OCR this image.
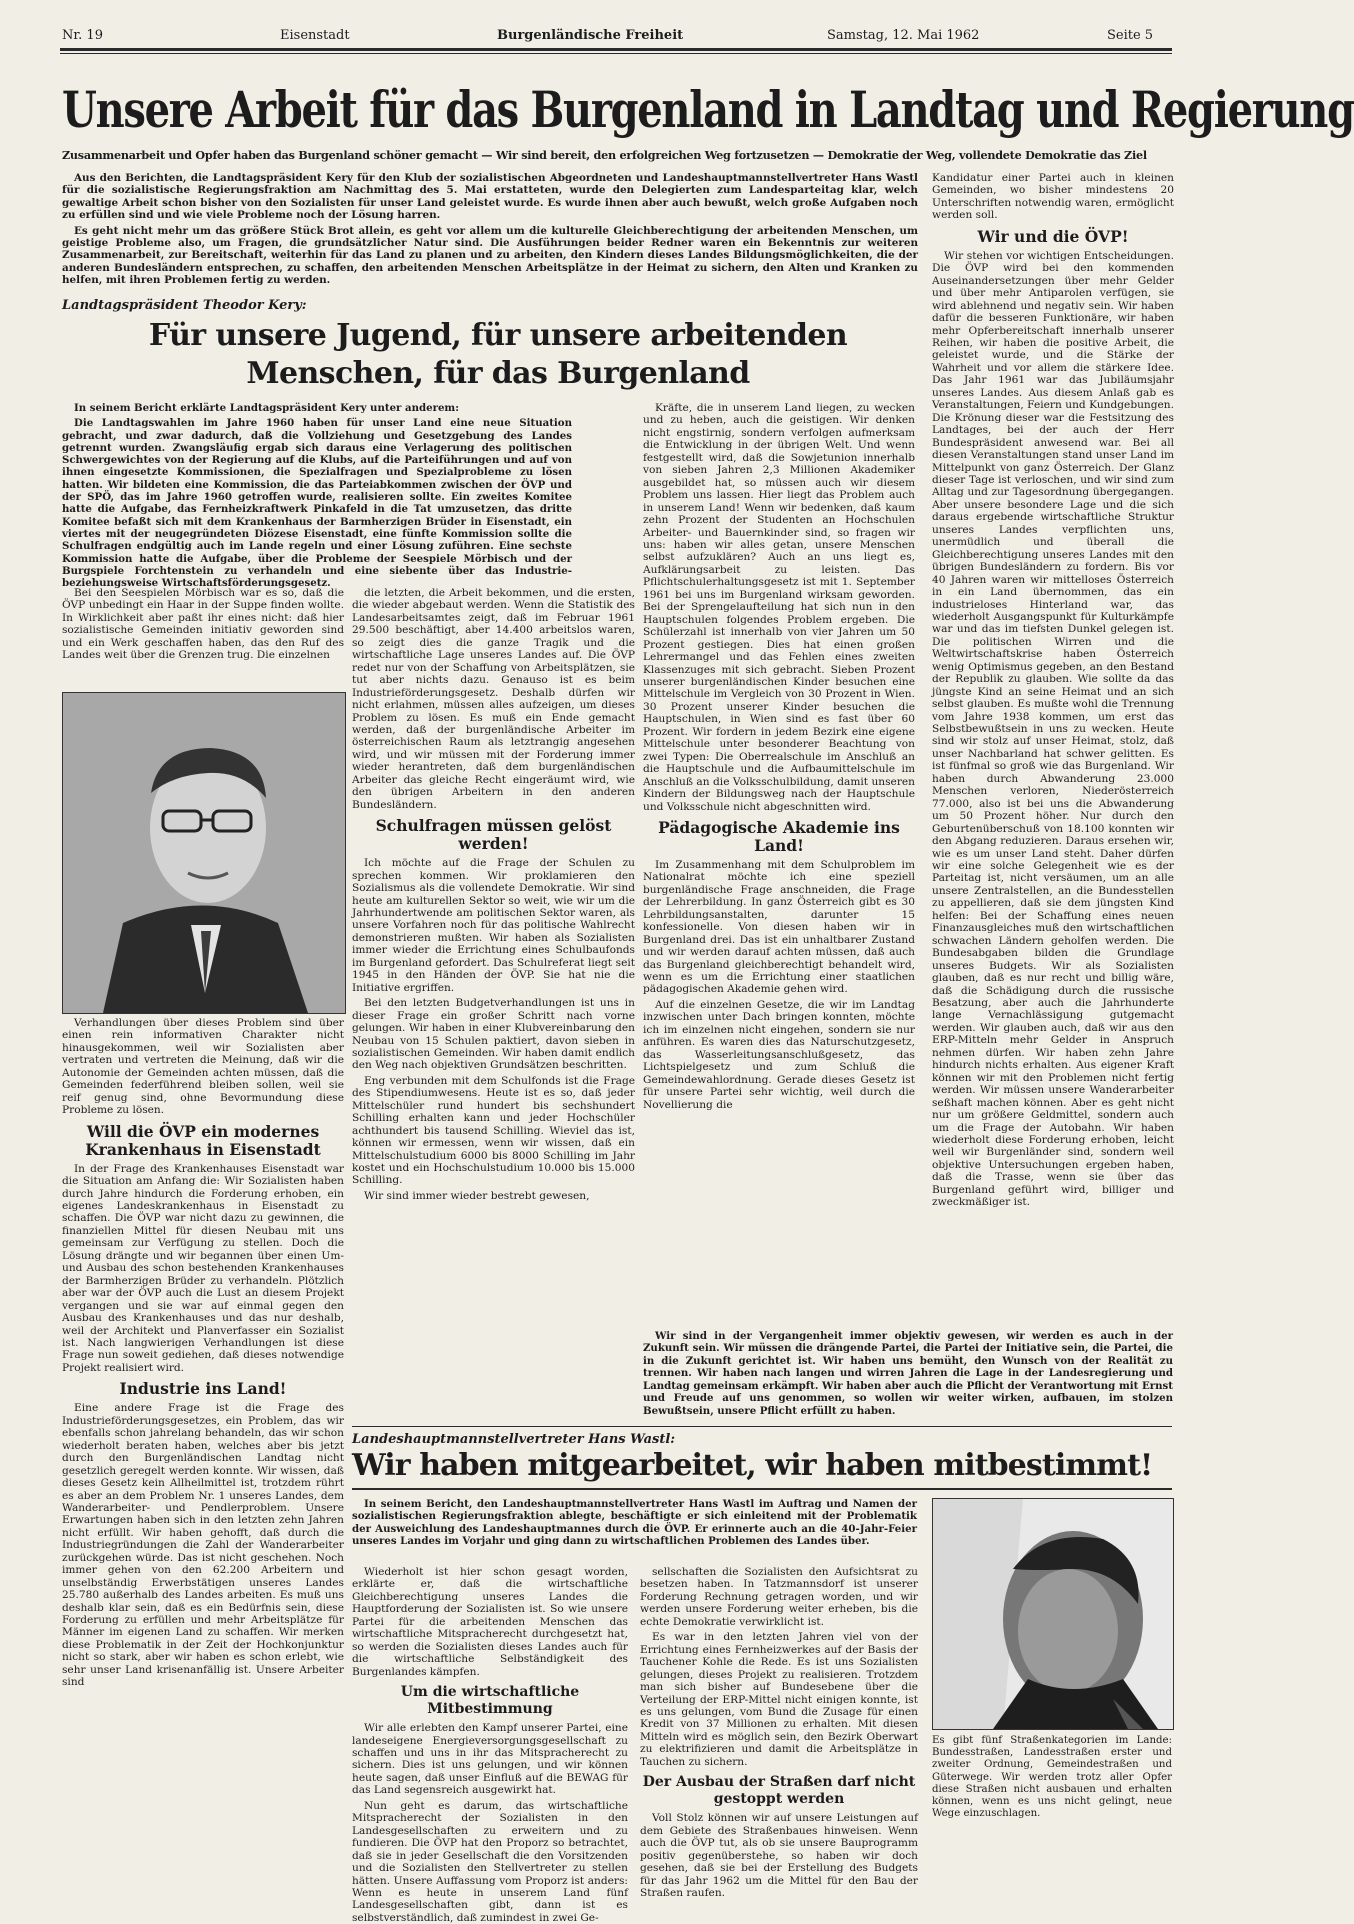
Nr. 19	Eisenstadt	Burgenländische Freiheit	Samstag, 12. Mai 1962	Seite 5
Unsere Arbeit für das Burgenland in Landtag und Regierung
Zusammenarbeit und Opfer haben das Burgenland schöner gemacht — Wir sind bereit, den erfolgreichen Weg fortzusetzen — Demokratie der Weg, vollendete Demokratie das Ziel

Aus den Berichten, die Landtagspräsident Kery für den Klub der sozialistischen Abgeordneten und Landeshauptmannstellvertreter Hans Wastl für die sozialistische Regierungsfraktion am Nachmittag des 5. Mai erstatteten, wurde den Delegierten zum Landesparteitag klar, welch gewaltige Arbeit schon bisher von den Sozialisten für unser Land geleistet wurde. Es wurde ihnen aber auch bewußt, welch große Aufgaben noch zu erfüllen sind und wie viele Probleme noch der Lösung harren.

Es geht nicht mehr um das größere Stück Brot allein, es geht vor allem um die kulturelle Gleichberechtigung der arbeitenden Menschen, um geistige Probleme also, um Fragen, die grundsätzlicher Natur sind. Die Ausführungen beider Redner waren ein Bekenntnis zur weiteren Zusammenarbeit, zur Bereitschaft, weiterhin für das Land zu planen und zu arbeiten, den Kindern dieses Landes Bildungsmöglichkeiten, die der anderen Bundesländern entsprechen, zu schaffen, den arbeitenden Menschen Arbeitsplätze in der Heimat zu sichern, den Alten und Kranken zu helfen, mit ihren Problemen fertig zu werden.

Landtagspräsident Theodor Kery:
Für unsere Jugend, für unsere arbeitenden
Menschen, für das Burgenland

In seinem Bericht erklärte Landtagspräsident Kery unter anderem:

Die Landtagswahlen im Jahre 1960 haben für unser Land eine neue Situation gebracht, und zwar dadurch, daß die Vollziehung und Gesetzgebung des Landes getrennt wurden. Zwangsläufig ergab sich daraus eine Verlagerung des politischen Schwergewichtes von der Regierung auf die Klubs, auf die Parteiführungen und auf von ihnen eingesetzte Kommissionen, die Spezialfragen und Spezialprobleme zu lösen hatten. Wir bildeten eine Kommission, die das Parteiabkommen zwischen der ÖVP und der SPÖ, das im Jahre 1960 getroffen wurde, realisieren sollte. Ein zweites Komitee hatte die Aufgabe, das Fernheizkraftwerk Pinkafeld in die Tat umzusetzen, das dritte Komitee befaßt sich mit dem Krankenhaus der Barmherzigen Brüder in Eisenstadt, ein viertes mit der neugegründeten Diözese Eisenstadt, eine fünfte Kommission sollte die Schulfragen endgültig auch im Lande regeln und einer Lösung zuführen. Eine sechste Kommission hatte die Aufgabe, über die Probleme der Seespiele Mörbisch und der Burgspiele Forchtenstein zu verhandeln und eine siebente über das Industrie- beziehungsweise Wirtschaftsförderungsgesetz.

Bei den Seespielen Mörbisch war es so, daß die ÖVP unbedingt ein Haar in der Suppe finden wollte. In Wirklichkeit aber paßt ihr eines nicht: daß hier sozialistische Gemeinden initiativ geworden sind und ein Werk geschaffen haben, das den Ruf des Landes weit über die Grenzen trug. Die einzelnen

Verhandlungen über dieses Problem sind über einen rein informativen Charakter nicht hinausgekommen, weil wir Sozialisten aber vertraten und vertreten die Meinung, daß wir die Autonomie der Gemeinden achten müssen, daß die Gemeinden federführend bleiben sollen, weil sie reif genug sind, ohne Bevormundung diese Probleme zu lösen.

Will die ÖVP ein modernes Krankenhaus in Eisenstadt

In der Frage des Krankenhauses Eisenstadt war die Situation am Anfang die: Wir Sozialisten haben durch Jahre hindurch die Forderung erhoben, ein eigenes Landeskrankenhaus in Eisenstadt zu schaffen. Die ÖVP war nicht dazu zu gewinnen, die finanziellen Mittel für diesen Neubau mit uns gemeinsam zur Verfügung zu stellen. Doch die Lösung drängte und wir begannen über einen Um- und Ausbau des schon bestehenden Krankenhauses der Barmherzigen Brüder zu verhandeln. Plötzlich aber war der ÖVP auch die Lust an diesem Projekt vergangen und sie war auf einmal gegen den Ausbau des Krankenhauses und das nur deshalb, weil der Architekt und Planverfasser ein Sozialist ist. Nach langwierigen Verhandlungen ist diese Frage nun soweit gediehen, daß dieses notwendige Projekt realisiert wird.

Industrie ins Land!

Eine andere Frage ist die Frage des Industrieförderungsgesetzes, ein Problem, das wir ebenfalls schon jahrelang behandeln, das wir schon wiederholt beraten haben, welches aber bis jetzt durch den Burgenländischen Landtag nicht gesetzlich geregelt werden konnte. Wir wissen, daß dieses Gesetz kein Allheilmittel ist, trotzdem rührt es aber an dem Problem Nr. 1 unseres Landes, dem Wanderarbeiter- und Pendlerproblem. Unsere Erwartungen haben sich in den letzten zehn Jahren nicht erfüllt. Wir haben gehofft, daß durch die Industriegründungen die Zahl der Wanderarbeiter zurückgehen würde. Das ist nicht geschehen. Noch immer gehen von den 62.200 Arbeitern und unselbständig Erwerbstätigen unseres Landes 25.780 außerhalb des Landes arbeiten. Es muß uns deshalb klar sein, daß es ein Bedürfnis sein, diese Forderung zu erfüllen und mehr Arbeitsplätze für Männer im eigenen Land zu schaffen. Wir merken diese Problematik in der Zeit der Hochkonjunktur nicht so stark, aber wir haben es schon erlebt, wie sehr unser Land krisenanfällig ist. Unsere Arbeiter sind

die letzten, die Arbeit bekommen, und die ersten, die wieder abgebaut werden. Wenn die Statistik des Landesarbeitsamtes zeigt, daß im Februar 1961 29.500 beschäftigt, aber 14.400 arbeitslos waren, so zeigt dies die ganze Tragik und die wirtschaftliche Lage unseres Landes auf. Die ÖVP redet nur von der Schaffung von Arbeitsplätzen, sie tut aber nichts dazu. Genauso ist es beim Industrieförderungsgesetz. Deshalb dürfen wir nicht erlahmen, müssen alles aufzeigen, um dieses Problem zu lösen. Es muß ein Ende gemacht werden, daß der burgenländische Arbeiter im österreichischen Raum als letztrangig angesehen wird, und wir müssen mit der Forderung immer wieder herantreten, daß dem burgenländischen Arbeiter das gleiche Recht eingeräumt wird, wie den übrigen Arbeitern in den anderen Bundesländern.

Schulfragen müssen gelöst werden!

Ich möchte auf die Frage der Schulen zu sprechen kommen. Wir proklamieren den Sozialismus als die vollendete Demokratie. Wir sind heute am kulturellen Sektor so weit, wie wir um die Jahrhundertwende am politischen Sektor waren, als unsere Vorfahren noch für das politische Wahlrecht demonstrieren mußten. Wir haben als Sozialisten immer wieder die Errichtung eines Schulbaufonds im Burgenland gefordert. Das Schulreferat liegt seit 1945 in den Händen der ÖVP. Sie hat nie die Initiative ergriffen.

Bei den letzten Budgetverhandlungen ist uns in dieser Frage ein großer Schritt nach vorne gelungen. Wir haben in einer Klubvereinbarung den Neubau von 15 Schulen paktiert, davon sieben in sozialistischen Gemeinden. Wir haben damit endlich den Weg nach objektiven Grundsätzen beschritten.

Eng verbunden mit dem Schulfonds ist die Frage des Stipendiumwesens. Heute ist es so, daß jeder Mittelschüler rund hundert bis sechshundert Schilling erhalten kann und jeder Hochschüler achthundert bis tausend Schilling. Wieviel das ist, können wir ermessen, wenn wir wissen, daß ein Mittelschulstudium 6000 bis 8000 Schilling im Jahr kostet und ein Hochschulstudium 10.000 bis 15.000 Schilling.

Wir sind immer wieder bestrebt gewesen,

Kräfte, die in unserem Land liegen, zu wecken und zu heben, auch die geistigen. Wir denken nicht engstirnig, sondern verfolgen aufmerksam die Entwicklung in der übrigen Welt. Und wenn festgestellt wird, daß die Sowjetunion innerhalb von sieben Jahren 2,3 Millionen Akademiker ausgebildet hat, so müssen auch wir diesem Problem uns lassen. Hier liegt das Problem auch in unserem Land! Wenn wir bedenken, daß kaum zehn Prozent der Studenten an Hochschulen Arbeiter- und Bauernkinder sind, so fragen wir uns: haben wir alles getan, unsere Menschen selbst aufzuklären? Auch an uns liegt es, Aufklärungsarbeit zu leisten. Das Pflichtschulerhaltungsgesetz ist mit 1. September 1961 bei uns im Burgenland wirksam geworden. Bei der Sprengelaufteilung hat sich nun in den Hauptschulen folgendes Problem ergeben. Die Schülerzahl ist innerhalb von vier Jahren um 50 Prozent gestiegen. Dies hat einen großen Lehrermangel und das Fehlen eines zweiten Klassenzuges mit sich gebracht. Sieben Prozent unserer burgenländischen Kinder besuchen eine Mittelschule im Vergleich von 30 Prozent in Wien. 30 Prozent unserer Kinder besuchen die Hauptschulen, in Wien sind es fast über 60 Prozent. Wir fordern in jedem Bezirk eine eigene Mittelschule unter besonderer Beachtung von zwei Typen: Die Oberrealschule im Anschluß an die Hauptschule und die Aufbaumittelschule im Anschluß an die Volksschulbildung, damit unseren Kindern der Bildungsweg nach der Hauptschule und Volksschule nicht abgeschnitten wird.

Pädagogische Akademie ins Land!

Im Zusammenhang mit dem Schulproblem im Nationalrat möchte ich eine speziell burgenländische Frage anschneiden, die Frage der Lehrerbildung. In ganz Österreich gibt es 30 Lehrbildungsanstalten, darunter 15 konfessionelle. Von diesen haben wir in Burgenland drei. Das ist ein unhaltbarer Zustand und wir werden darauf achten müssen, daß auch das Burgenland gleichberechtigt behandelt wird, wenn es um die Errichtung einer staatlichen pädagogischen Akademie gehen wird.

Auf die einzelnen Gesetze, die wir im Landtag inzwischen unter Dach bringen konnten, möchte ich im einzelnen nicht eingehen, sondern sie nur anführen. Es waren dies das Naturschutzgesetz, das Wasserleitungsanschlußgesetz, das Lichtspielgesetz und zum Schluß die Gemeindewahlordnung. Gerade dieses Gesetz ist für unsere Partei sehr wichtig, weil durch die Novellierung die

Kandidatur einer Partei auch in kleinen Gemeinden, wo bisher mindestens 20 Unterschriften notwendig waren, ermöglicht werden soll.

Wir und die ÖVP!

Wir stehen vor wichtigen Entscheidungen. Die ÖVP wird bei den kommenden Auseinandersetzungen über mehr Gelder und über mehr Antiparolen verfügen, sie wird ablehnend und negativ sein. Wir haben dafür die besseren Funktionäre, wir haben mehr Opferbereitschaft innerhalb unserer Reihen, wir haben die positive Arbeit, die geleistet wurde, und die Stärke der Wahrheit und vor allem die stärkere Idee. Das Jahr 1961 war das Jubiläumsjahr unseres Landes. Aus diesem Anlaß gab es Veranstaltungen, Feiern und Kundgebungen. Die Krönung dieser war die Festsitzung des Landtages, bei der auch der Herr Bundespräsident anwesend war. Bei all diesen Veranstaltungen stand unser Land im Mittelpunkt von ganz Österreich. Der Glanz dieser Tage ist verloschen, und wir sind zum Alltag und zur Tagesordnung übergegangen. Aber unsere besondere Lage und die sich daraus ergebende wirtschaftliche Struktur unseres Landes verpflichten uns, unermüdlich und überall die Gleichberechtigung unseres Landes mit den übrigen Bundesländern zu fordern. Bis vor 40 Jahren waren wir mittelloses Österreich in ein Land übernommen, das ein industrieloses Hinterland war, das wiederholt Ausgangspunkt für Kulturkämpfe war und das im tiefsten Dunkel gelegen ist. Die politischen Wirren und die Weltwirtschaftskrise haben Österreich wenig Optimismus gegeben, an den Bestand der Republik zu glauben. Wie sollte da das jüngste Kind an seine Heimat und an sich selbst glauben. Es mußte wohl die Trennung vom Jahre 1938 kommen, um erst das Selbstbewußtsein in uns zu wecken. Heute sind wir stolz auf unser Heimat, stolz, daß unser Nachbarland hat schwer gelitten. Es ist fünfmal so groß wie das Burgenland. Wir haben durch Abwanderung 23.000 Menschen verloren, Niederösterreich 77.000, also ist bei uns die Abwanderung um 50 Prozent höher. Nur durch den Geburtenüberschuß von 18.100 konnten wir den Abgang reduzieren. Daraus ersehen wir, wie es um unser Land steht. Daher dürfen wir eine solche Gelegenheit wie es der Parteitag ist, nicht versäumen, um an alle unsere Zentralstellen, an die Bundesstellen zu appellieren, daß sie dem jüngsten Kind helfen: Bei der Schaffung eines neuen Finanzausgleiches muß den wirtschaftlichen schwachen Ländern geholfen werden. Die Bundesabgaben bilden die Grundlage unseres Budgets. Wir als Sozialisten glauben, daß es nur recht und billig wäre, daß die Schädigung durch die russische Besatzung, aber auch die Jahrhunderte lange Vernachlässigung gutgemacht werden. Wir glauben auch, daß wir aus den ERP-Mitteln mehr Gelder in Anspruch nehmen dürfen. Wir haben zehn Jahre hindurch nichts erhalten. Aus eigener Kraft können wir mit den Problemen nicht fertig werden. Wir müssen unsere Wanderarbeiter seßhaft machen können. Aber es geht nicht nur um größere Geldmittel, sondern auch um die Frage der Autobahn. Wir haben wiederholt diese Forderung erhoben, leicht weil wir Burgenländer sind, sondern weil objektive Untersuchungen ergeben haben, daß die Trasse, wenn sie über das Burgenland geführt wird, billiger und zweckmäßiger ist.

Wir sind in der Vergangenheit immer objektiv gewesen, wir werden es auch in der Zukunft sein. Wir müssen die drängende Partei, die Partei der Initiative sein, die Partei, die in die Zukunft gerichtet ist. Wir haben uns bemüht, den Wunsch von der Realität zu trennen. Wir haben nach langen und wirren Jahren die Lage in der Landesregierung und Landtag gemeinsam erkämpft. Wir haben aber auch die Pflicht der Verantwortung mit Ernst und Freude auf uns genommen, so wollen wir weiter wirken, aufbauen, im stolzen Bewußtsein, unsere Pflicht erfüllt zu haben.

Landeshauptmannstellvertreter Hans Wastl:
Wir haben mitgearbeitet, wir haben mitbestimmt!

In seinem Bericht, den Landeshauptmannstellvertreter Hans Wastl im Auftrag und Namen der sozialistischen Regierungsfraktion ablegte, beschäftigte er sich einleitend mit der Problematik der Ausweichlung des Landeshauptmannes durch die ÖVP. Er erinnerte auch an die 40-Jahr-Feier unseres Landes im Vorjahr und ging dann zu wirtschaftlichen Problemen des Landes über.

Wiederholt ist hier schon gesagt worden, erklärte er, daß die wirtschaftliche Gleichberechtigung unseres Landes die Hauptforderung der Sozialisten ist. So wie unsere Partei für die arbeitenden Menschen das wirtschaftliche Mitspracherecht durchgesetzt hat, so werden die Sozialisten dieses Landes auch für die wirtschaftliche Selbständigkeit des Burgenlandes kämpfen.

Um die wirtschaftliche Mitbestimmung

Wir alle erlebten den Kampf unserer Partei, eine landeseigene Energieversorgungsgesellschaft zu schaffen und uns in ihr das Mitspracherecht zu sichern. Dies ist uns gelungen, und wir können heute sagen, daß unser Einfluß auf die BEWAG für das Land segensreich ausgewirkt hat.

Nun geht es darum, das wirtschaftliche Mitspracherecht der Sozialisten in den Landesgesellschaften zu erweitern und zu fundieren. Die ÖVP hat den Proporz so betrachtet, daß sie in jeder Gesellschaft die den Vorsitzenden und die Sozialisten den Stellvertreter zu stellen hätten. Unsere Auffassung vom Proporz ist anders: Wenn es heute in unserem Land fünf Landesgesellschaften gibt, dann ist es selbstverständlich, daß zumindest in zwei Ge-

sellschaften die Sozialisten den Aufsichtsrat zu besetzen haben. In Tatzmannsdorf ist unserer Forderung Rechnung getragen worden, und wir werden unsere Forderung weiter erheben, bis die echte Demokratie verwirklicht ist.

Es war in den letzten Jahren viel von der Errichtung eines Fernheizwerkes auf der Basis der Tauchener Kohle die Rede. Es ist uns Sozialisten gelungen, dieses Projekt zu realisieren. Trotzdem man sich bisher auf Bundesebene über die Verteilung der ERP-Mittel nicht einigen konnte, ist es uns gelungen, vom Bund die Zusage für einen Kredit von 37 Millionen zu erhalten. Mit diesen Mitteln wird es möglich sein, den Bezirk Oberwart zu elektrifizieren und damit die Arbeitsplätze in Tauchen zu sichern.

Der Ausbau der Straßen darf nicht gestoppt werden

Voll Stolz können wir auf unsere Leistungen auf dem Gebiete des Straßenbaues hinweisen. Wenn auch die ÖVP tut, als ob sie unsere Bauprogramm positiv gegenüberstehe, so haben wir doch gesehen, daß sie bei der Erstellung des Budgets für das Jahr 1962 um die Mittel für den Bau der Straßen raufen.

Es gibt fünf Straßenkategorien im Lande: Bundesstraßen, Landesstraßen erster und zweiter Ordnung, Gemeindestraßen und Güterwege. Wir werden trotz aller Opfer diese Straßen nicht ausbauen und erhalten können, wenn es uns nicht gelingt, neue Wege einzuschlagen.
